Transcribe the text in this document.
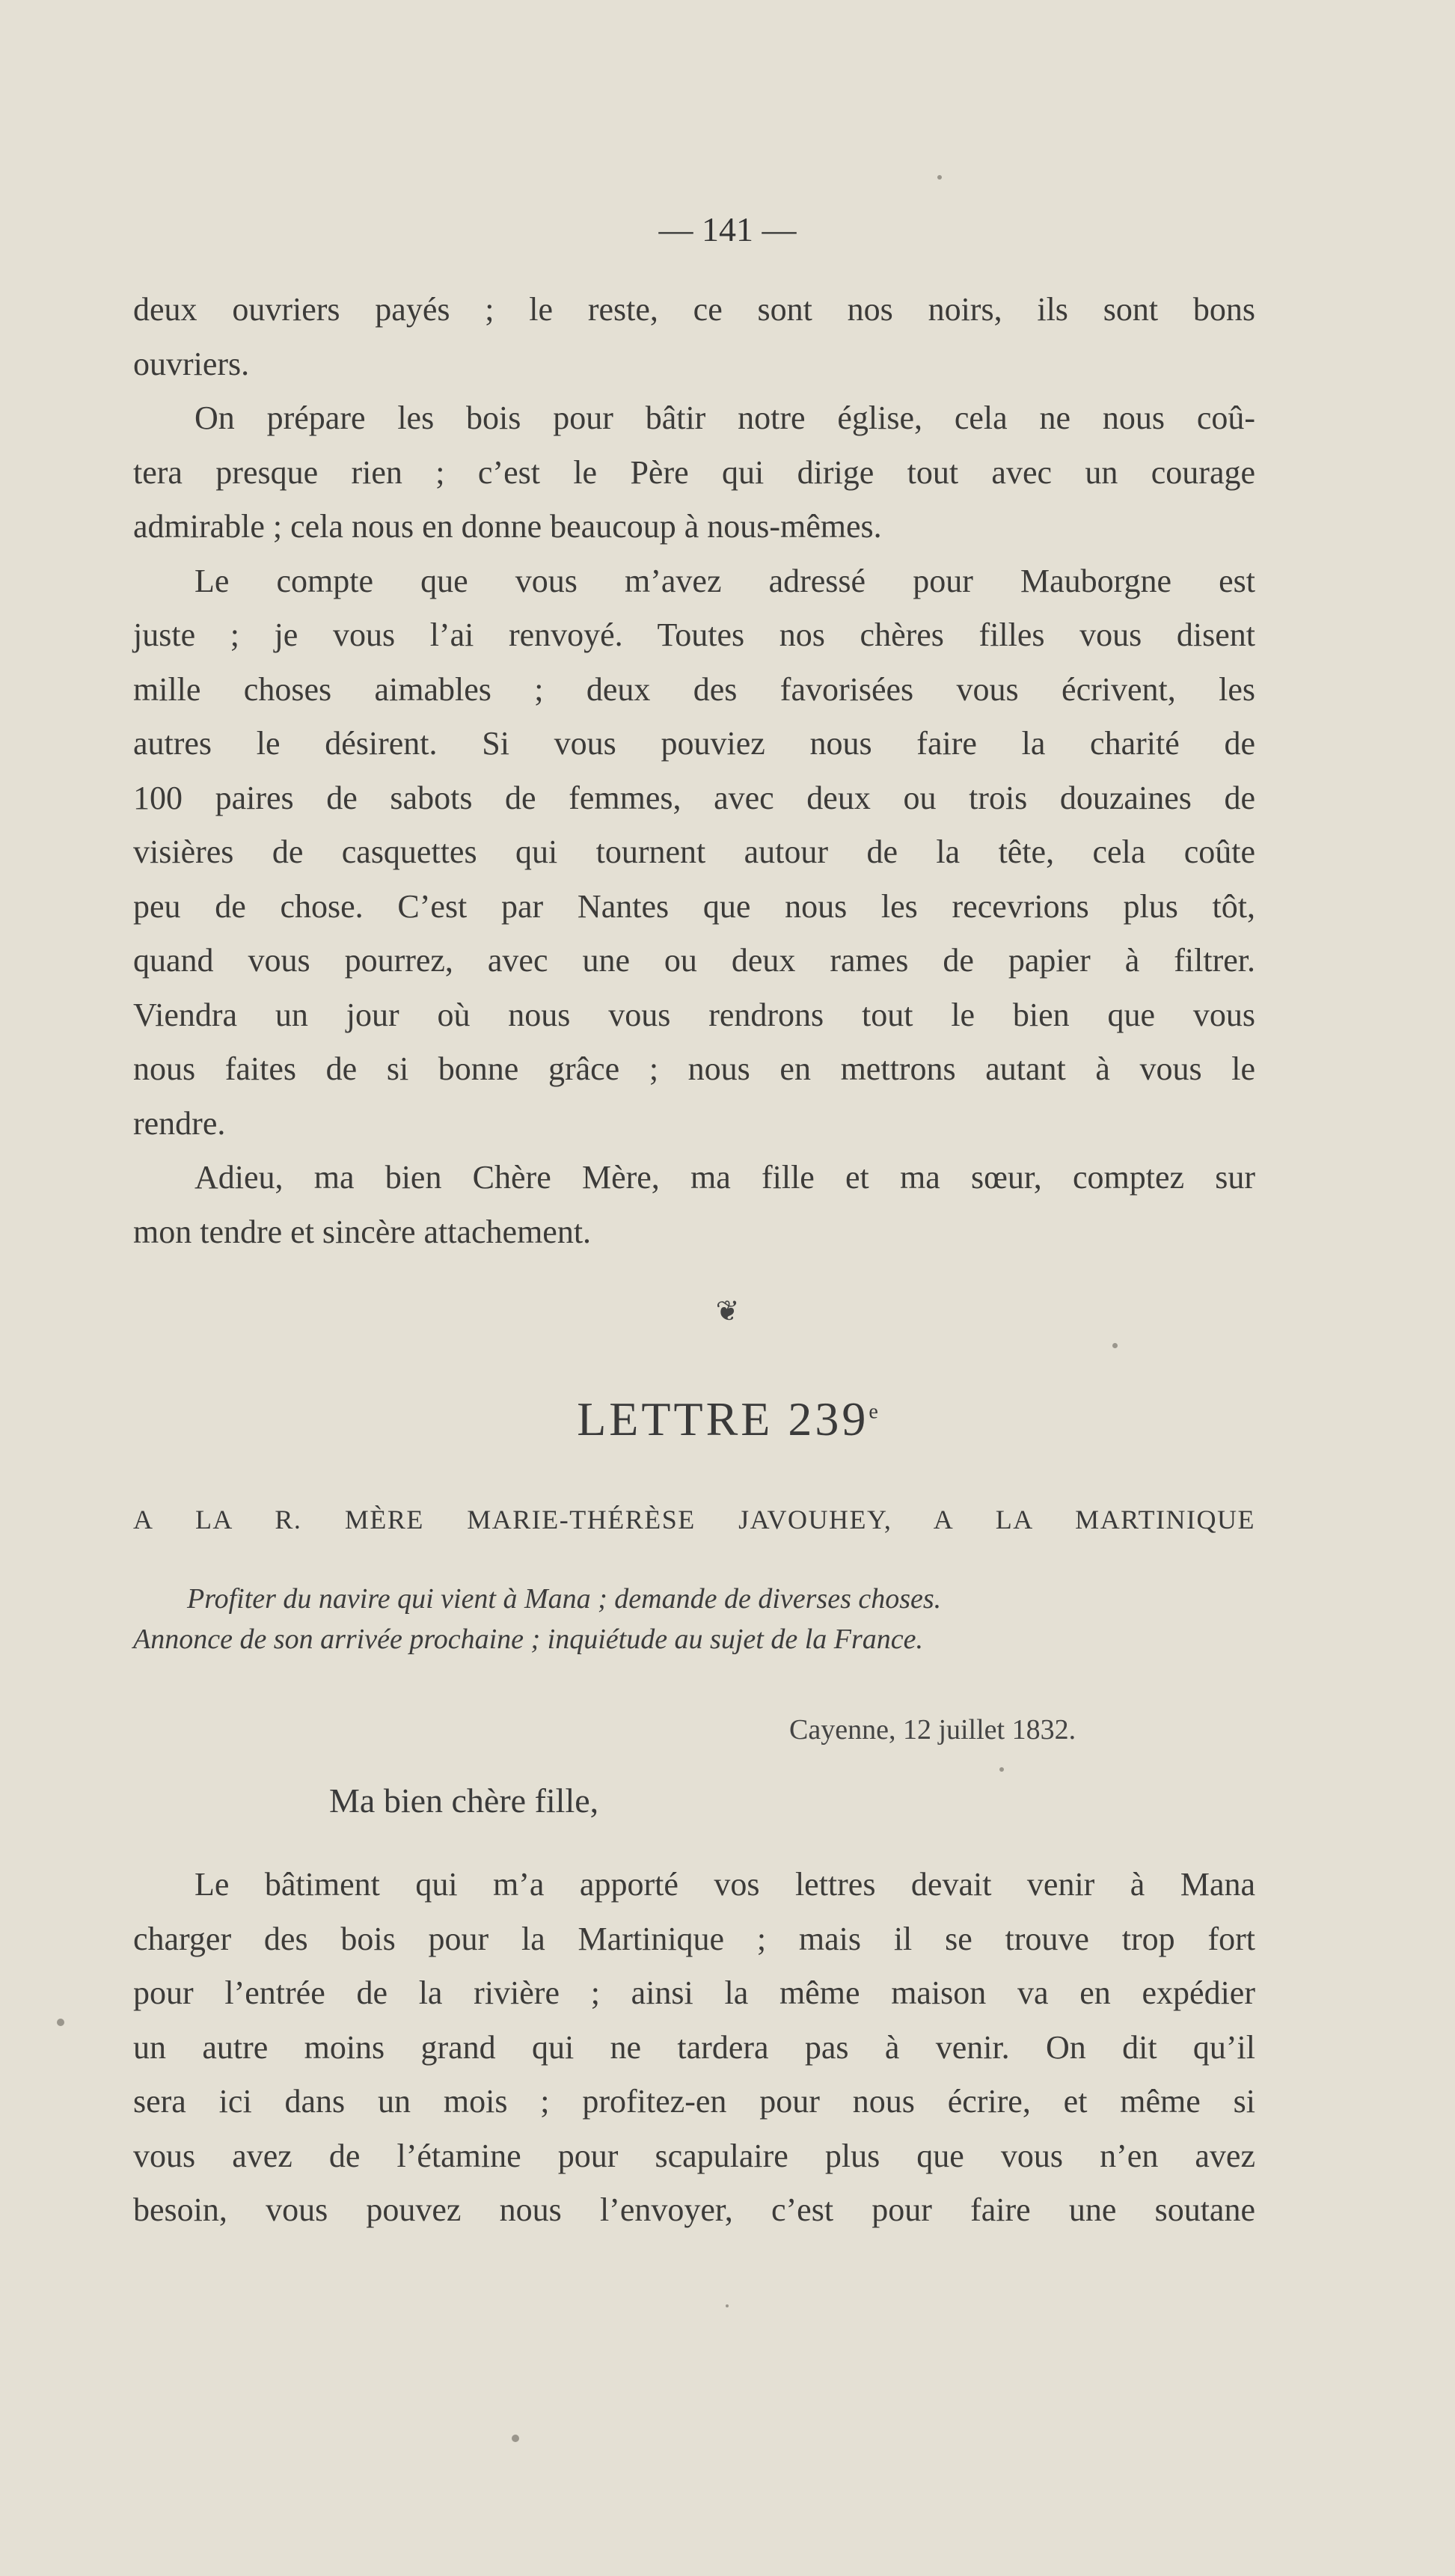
— 141 —
deux ouvriers payés ; le reste, ce sont nos noirs, ils sont bons
ouvriers.
On prépare les bois pour bâtir notre église, cela ne nous coû-
tera presque rien ; c’est le Père qui dirige tout avec un courage
admirable ; cela nous en donne beaucoup à nous-mêmes.
Le compte que vous m’avez adressé pour Mauborgne est
juste ; je vous l’ai renvoyé. Toutes nos chères filles vous disent
mille choses aimables ; deux des favorisées vous écrivent, les
autres le désirent. Si vous pouviez nous faire la charité de
100 paires de sabots de femmes, avec deux ou trois douzaines de
visières de casquettes qui tournent autour de la tête, cela coûte
peu de chose. C’est par Nantes que nous les recevrions plus tôt,
quand vous pourrez, avec une ou deux rames de papier à filtrer.
Viendra un jour où nous vous rendrons tout le bien que vous
nous faites de si bonne grâce ; nous en mettrons autant à vous le
rendre.
Adieu, ma bien Chère Mère, ma fille et ma sœur, comptez sur
mon tendre et sincère attachement.
❦
LETTRE 239e
A LA R. MÈRE MARIE-THÉRÈSE JAVOUHEY, A LA MARTINIQUE
Profiter du navire qui vient à Mana ; demande de diverses choses.
Annonce de son arrivée prochaine ; inquiétude au sujet de la France.
Cayenne, 12 juillet 1832.
Ma bien chère fille,
Le bâtiment qui m’a apporté vos lettres devait venir à Mana
charger des bois pour la Martinique ; mais il se trouve trop fort
pour l’entrée de la rivière ; ainsi la même maison va en expédier
un autre moins grand qui ne tardera pas à venir. On dit qu’il
sera ici dans un mois ; profitez-en pour nous écrire, et même si
vous avez de l’étamine pour scapulaire plus que vous n’en avez
besoin, vous pouvez nous l’envoyer, c’est pour faire une soutane
